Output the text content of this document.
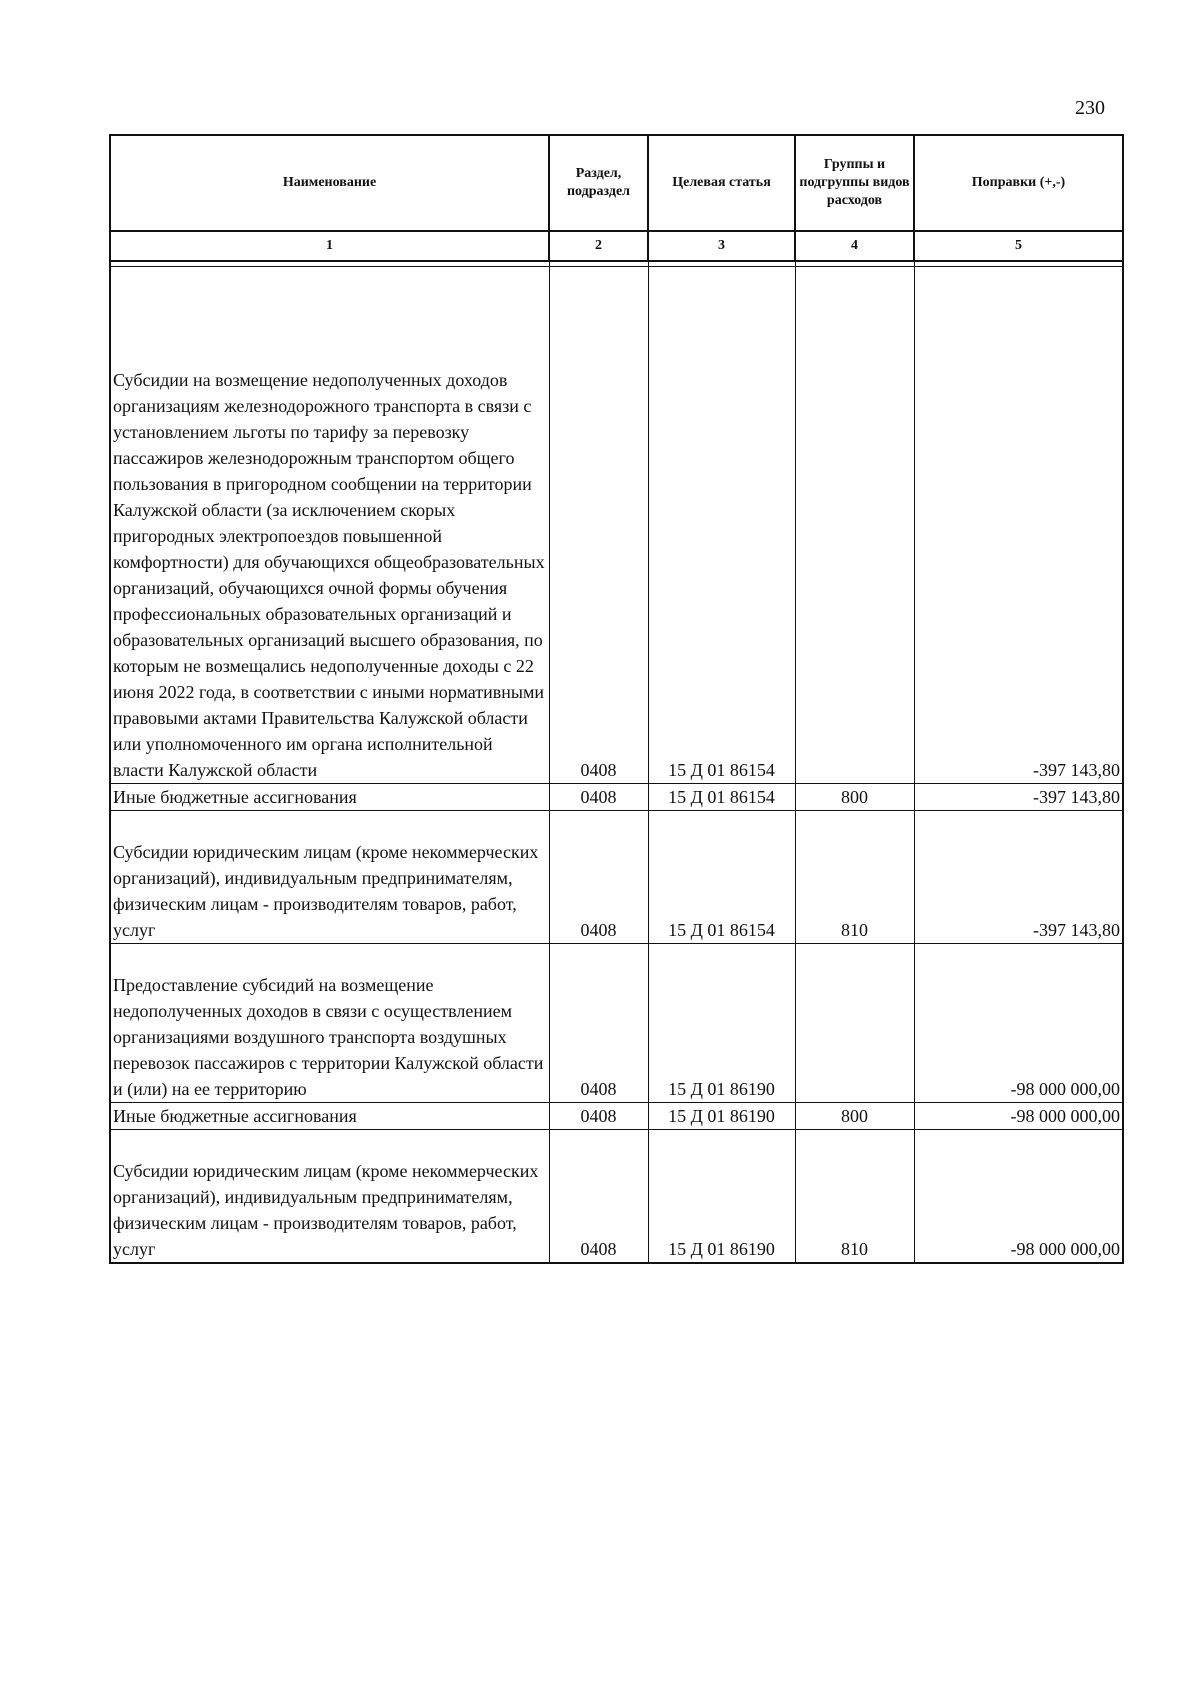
230
Наименование	Раздел, подраздел	Целевая статья	Группы и подгруппы видов расходов	Поправки (+,-)
1	2	3	4	5

Субсидии на возмещение недополученных доходов организациям железнодорожного транспорта в связи с установлением льготы по тарифу за перевозку пассажиров железнодорожным транспортом общего пользования в пригородном сообщении на территории Калужской области (за исключением скорых пригородных электропоездов повышенной комфортности) для обучающихся общеобразовательных организаций, обучающихся очной формы обучения профессиональных образовательных организаций и образовательных организаций высшего образования, по которым не возмещались недополученные доходы с 22 июня 2022 года, в соответствии с иными нормативными правовыми актами Правительства Калужской области или уполномоченного им органа исполнительной власти Калужской области	0408	15 Д 01 86154		-397 143,80
Иные бюджетные ассигнования	0408	15 Д 01 86154	800	-397 143,80
Субсидии юридическим лицам (кроме некоммерческих организаций), индивидуальным предпринимателям, физическим лицам - производителям товаров, работ, услуг	0408	15 Д 01 86154	810	-397 143,80
Предоставление субсидий на возмещение недополученных доходов в связи с осуществлением организациями воздушного транспорта воздушных перевозок пассажиров с территории Калужской области и (или) на ее территорию	0408	15 Д 01 86190		-98 000 000,00
Иные бюджетные ассигнования	0408	15 Д 01 86190	800	-98 000 000,00
Субсидии юридическим лицам (кроме некоммерческих организаций), индивидуальным предпринимателям, физическим лицам - производителям товаров, работ, услуг	0408	15 Д 01 86190	810	-98 000 000,00
